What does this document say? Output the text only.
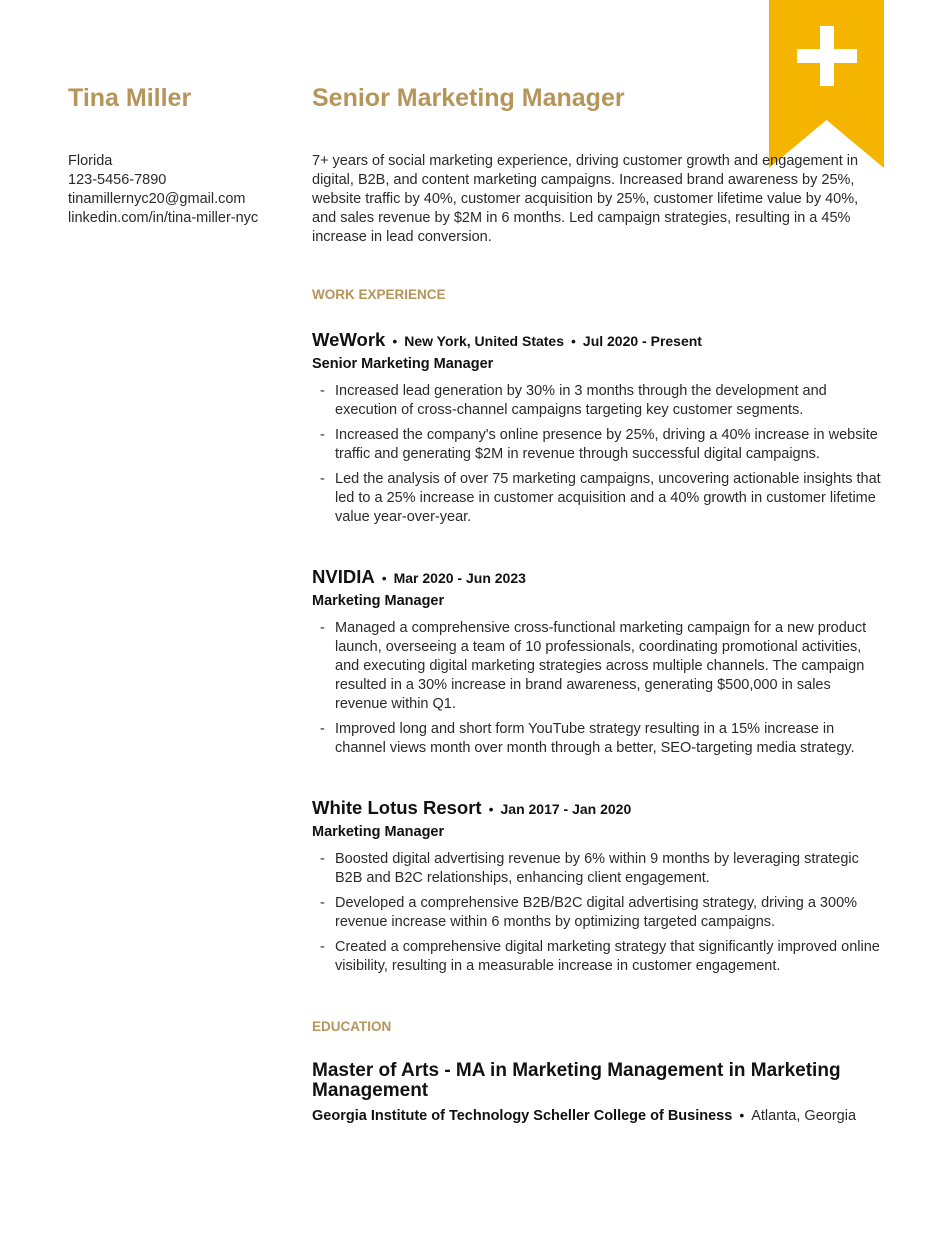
Tina Miller	Senior Marketing Manager
Florida
123-5456-7890
tinamillernyc20@gmail.com
linkedin.com/in/tina-miller-nyc
7+ years of social marketing experience, driving customer growth and engagement in digital, B2B, and content marketing campaigns. Increased brand awareness by 25%, website traffic by 40%, customer acquisition by 25%, customer lifetime value by 40%, and sales revenue by $2M in 6 months. Led campaign strategies, resulting in a 45% increase in lead conversion.
WORK EXPERIENCE
WeWork • New York, United States • Jul 2020 - Present
Senior Marketing Manager
- Increased lead generation by 30% in 3 months through the development and execution of cross-channel campaigns targeting key customer segments.
- Increased the company's online presence by 25%, driving a 40% increase in website traffic and generating $2M in revenue through successful digital campaigns.
- Led the analysis of over 75 marketing campaigns, uncovering actionable insights that led to a 25% increase in customer acquisition and a 40% growth in customer lifetime value year-over-year.
NVIDIA • Mar 2020 - Jun 2023
Marketing Manager
- Managed a comprehensive cross-functional marketing campaign for a new product launch, overseeing a team of 10 professionals, coordinating promotional activities, and executing digital marketing strategies across multiple channels. The campaign resulted in a 30% increase in brand awareness, generating $500,000 in sales revenue within Q1.
- Improved long and short form YouTube strategy resulting in a 15% increase in channel views month over month through a better, SEO-targeting media strategy.
White Lotus Resort • Jan 2017 - Jan 2020
Marketing Manager
- Boosted digital advertising revenue by 6% within 9 months by leveraging strategic B2B and B2C relationships, enhancing client engagement.
- Developed a comprehensive B2B/B2C digital advertising strategy, driving a 300% revenue increase within 6 months by optimizing targeted campaigns.
- Created a comprehensive digital marketing strategy that significantly improved online visibility, resulting in a measurable increase in customer engagement.
EDUCATION
Master of Arts - MA in Marketing Management in Marketing Management
Georgia Institute of Technology Scheller College of Business • Atlanta, Georgia
